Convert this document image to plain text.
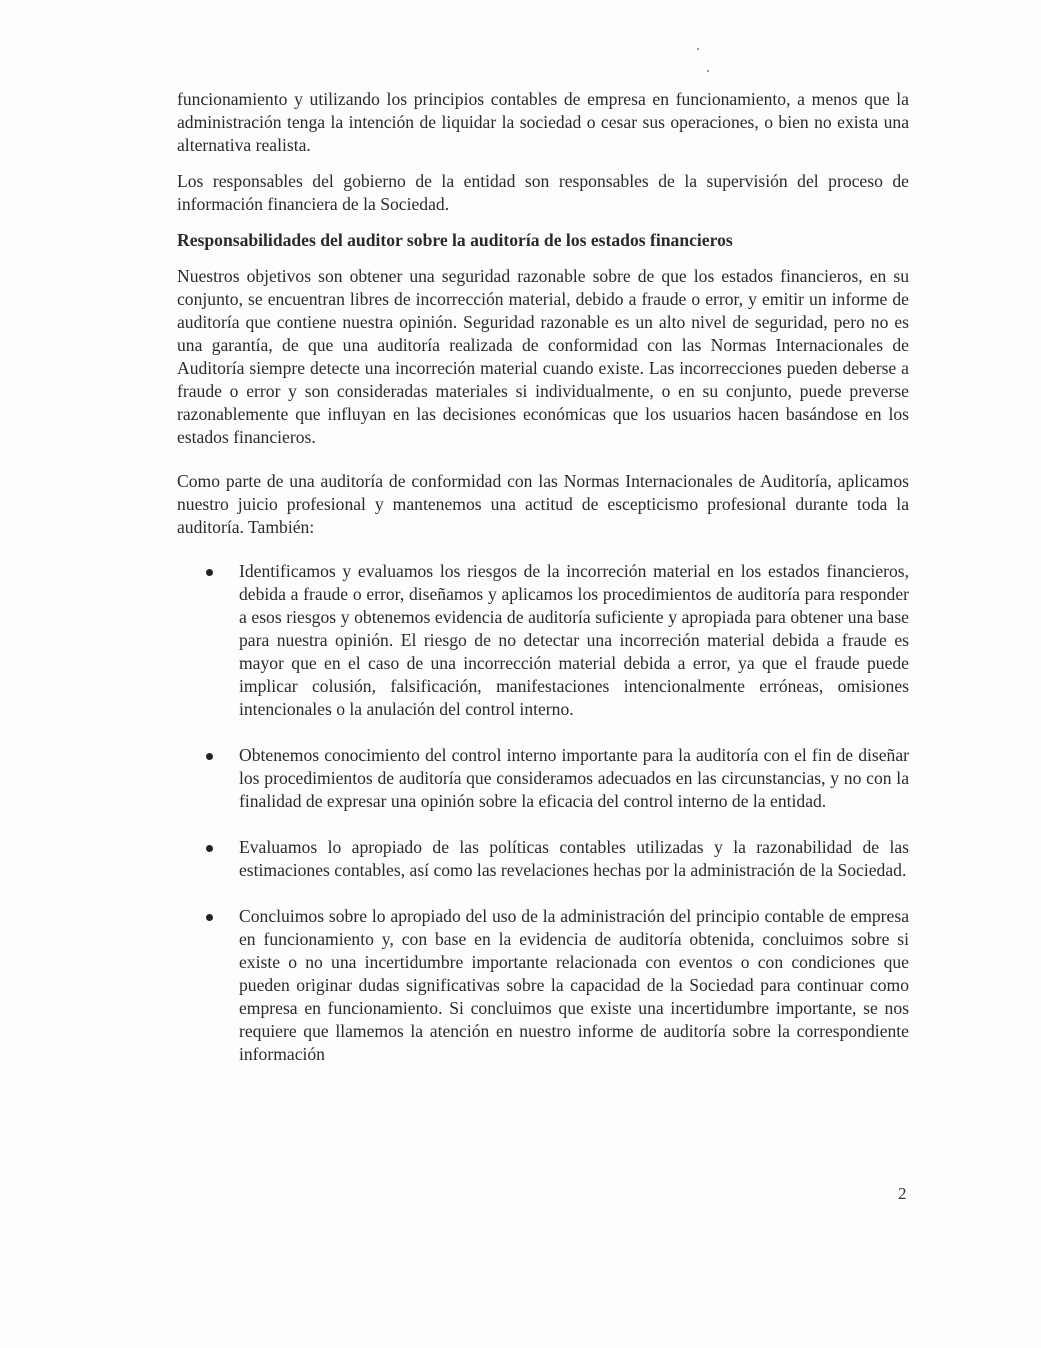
funcionamiento y utilizando los principios contables de empresa en funcionamiento, a menos que la administración tenga la intención de liquidar la sociedad o cesar sus operaciones, o bien no exista una alternativa realista.

Los responsables del gobierno de la entidad son responsables de la supervisión del proceso de información financiera de la Sociedad.

Responsabilidades del auditor sobre la auditoría de los estados financieros

Nuestros objetivos son obtener una seguridad razonable sobre de que los estados financieros, en su conjunto, se encuentran libres de incorrección material, debido a fraude o error, y emitir un informe de auditoría que contiene nuestra opinión. Seguridad razonable es un alto nivel de seguridad, pero no es una garantía, de que una auditoría realizada de conformidad con las Normas Internacionales de Auditoría siempre detecte una incorreción material cuando existe. Las incorrecciones pueden deberse a fraude o error y son consideradas materiales si individualmente, o en su conjunto, puede preverse razonablemente que influyan en las decisiones económicas que los usuarios hacen basándose en los estados financieros.

Como parte de una auditoría de conformidad con las Normas Internacionales de Auditoría, aplicamos nuestro juicio profesional y mantenemos una actitud de escepticismo profesional durante toda la auditoría. También:

Identificamos y evaluamos los riesgos de la incorreción material en los estados financieros, debida a fraude o error, diseñamos y aplicamos los procedimientos de auditoría para responder a esos riesgos y obtenemos evidencia de auditoría suficiente y apropiada para obtener una base para nuestra opinión. El riesgo de no detectar una incorreción material debida a fraude es mayor que en el caso de una incorrección material debida a error, ya que el fraude puede implicar colusión, falsificación, manifestaciones intencionalmente erróneas, omisiones intencionales o la anulación del control interno.

Obtenemos conocimiento del control interno importante para la auditoría con el fin de diseñar los procedimientos de auditoría que consideramos adecuados en las circunstancias, y no con la finalidad de expresar una opinión sobre la eficacia del control interno de la entidad.

Evaluamos lo apropiado de las políticas contables utilizadas y la razonabilidad de las estimaciones contables, así como las revelaciones hechas por la administración de la Sociedad.

Concluimos sobre lo apropiado del uso de la administración del principio contable de empresa en funcionamiento y, con base en la evidencia de auditoría obtenida, concluimos sobre si existe o no una incertidumbre importante relacionada con eventos o con condiciones que pueden originar dudas significativas sobre la capacidad de la Sociedad para continuar como empresa en funcionamiento. Si concluimos que existe una incertidumbre importante, se nos requiere que llamemos la atención en nuestro informe de auditoría sobre la correspondiente información

2
